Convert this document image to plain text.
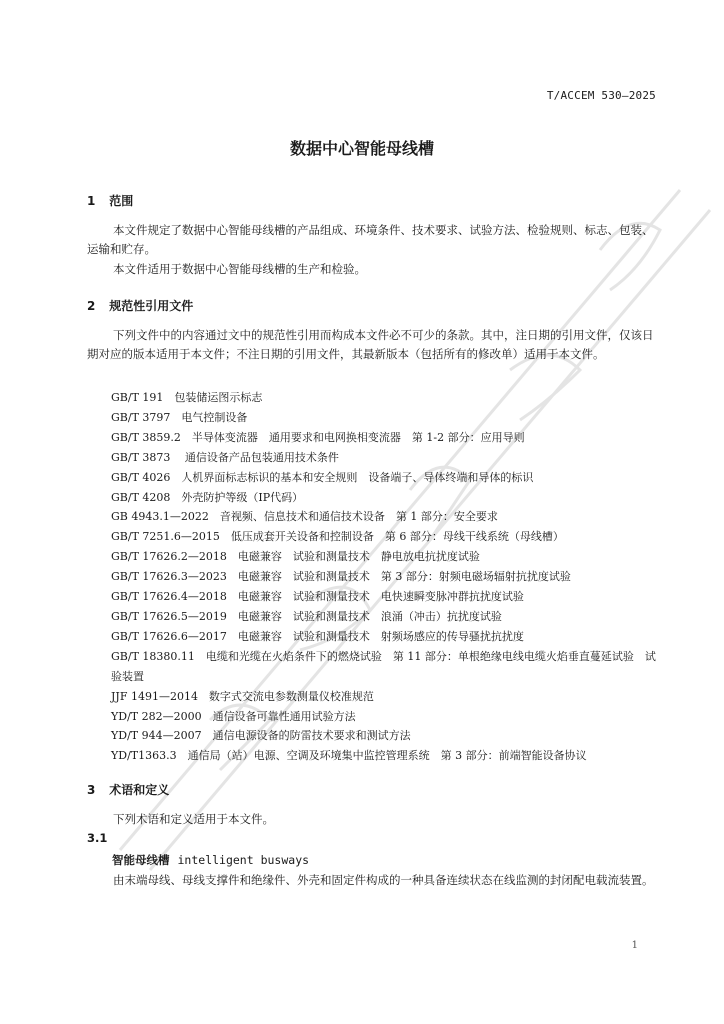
T/ACCEM 530—2025
数据中心智能母线槽
1 范围
本文件规定了数据中心智能母线槽的产品组成、环境条件、技术要求、试验方法、检验规则、标志、包装、运输和贮存。
本文件适用于数据中心智能母线槽的生产和检验。
2 规范性引用文件
下列文件中的内容通过文中的规范性引用而构成本文件必不可少的条款。其中，注日期的引用文件，仅该日期对应的版本适用于本文件；不注日期的引用文件，其最新版本（包括所有的修改单）适用于本文件。
GB/T 191　包装储运图示标志
GB/T 3797　电气控制设备
GB/T 3859.2　半导体变流器　通用要求和电网换相变流器　第 1-2 部分：应用导则
GB/T 3873　 通信设备产品包装通用技术条件
GB/T 4026　人机界面标志标识的基本和安全规则　设备端子、导体终端和导体的标识
GB/T 4208　外壳防护等级（IP代码）
GB 4943.1—2022　音视频、信息技术和通信技术设备　第 1 部分：安全要求
GB/T 7251.6—2015　低压成套开关设备和控制设备　第 6 部分：母线干线系统（母线槽）
GB/T 17626.2—2018　电磁兼容　试验和测量技术　静电放电抗扰度试验
GB/T 17626.3—2023　电磁兼容　试验和测量技术　第 3 部分：射频电磁场辐射抗扰度试验
GB/T 17626.4—2018　电磁兼容　试验和测量技术　电快速瞬变脉冲群抗扰度试验
GB/T 17626.5—2019　电磁兼容　试验和测量技术　浪涌（冲击）抗扰度试验
GB/T 17626.6—2017　电磁兼容　试验和测量技术　射频场感应的传导骚扰抗扰度
GB/T 18380.11　电缆和光缆在火焰条件下的燃烧试验　第 11 部分：单根绝缘电线电缆火焰垂直蔓延试验　试验装置
JJF 1491—2014　数字式交流电参数测量仪校准规范
YD/T 282—2000　通信设备可靠性通用试验方法
YD/T 944—2007　通信电源设备的防雷技术要求和测试方法
YD/T1363.3　通信局（站）电源、空调及环境集中监控管理系统　第 3 部分：前端智能设备协议
3 术语和定义
下列术语和定义适用于本文件。
3.1
智能母线槽 intelligent busways
由末端母线、母线支撑件和绝缘件、外壳和固定件构成的一种具备连续状态在线监测的封闭配电载流装置。
1
